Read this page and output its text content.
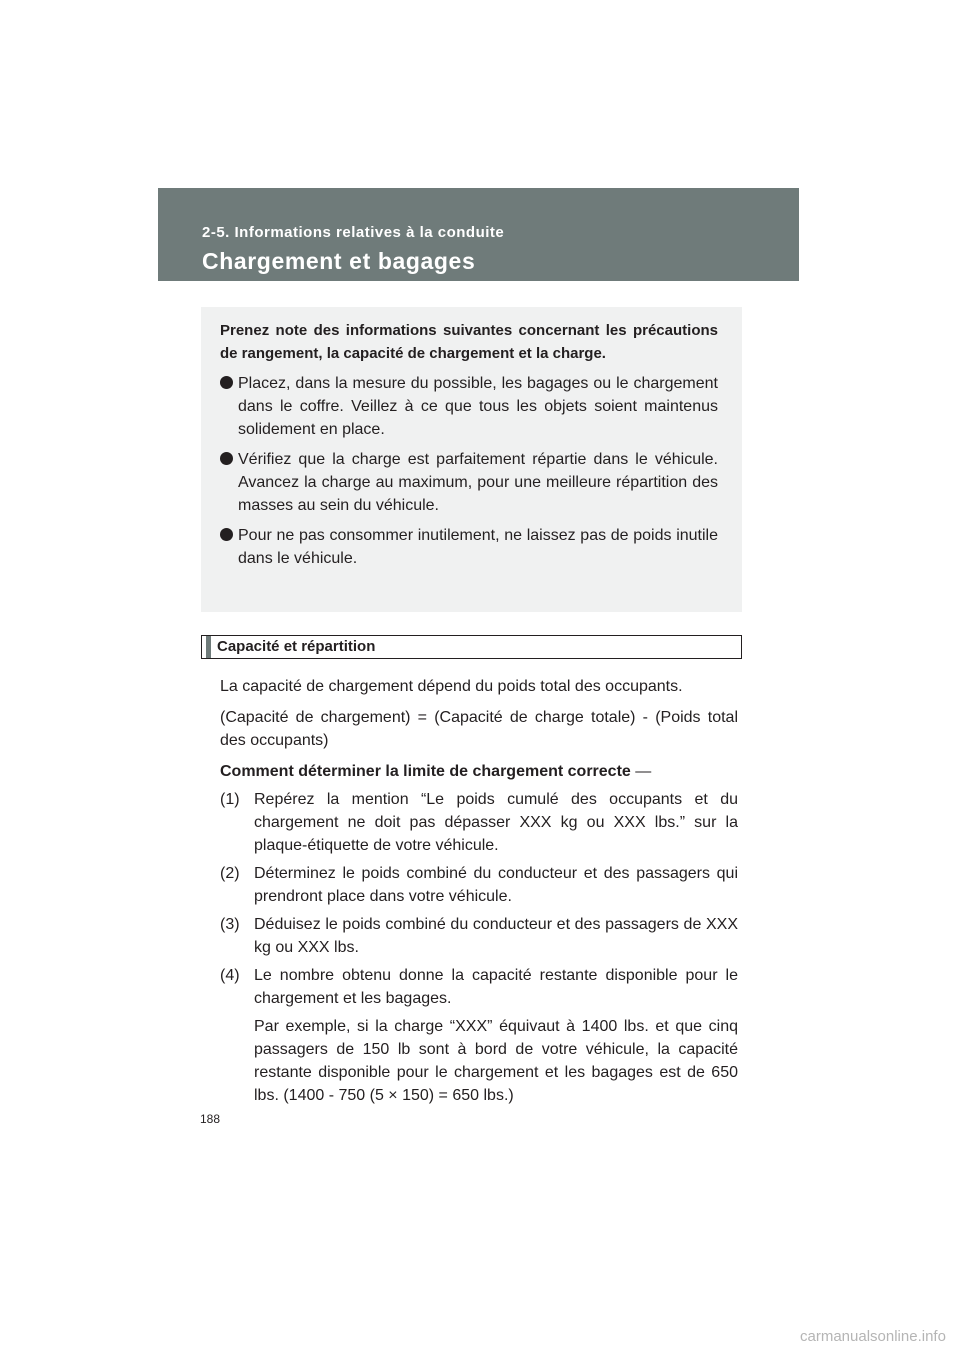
2-5. Informations relatives à la conduite
Chargement et bagages

Prenez note des informations suivantes concernant les précautions de rangement, la capacité de chargement et la charge.

Placez, dans la mesure du possible, les bagages ou le chargement dans le coffre. Veillez à ce que tous les objets soient maintenus solidement en place.
Vérifiez que la charge est parfaitement répartie dans le véhicule. Avancez la charge au maximum, pour une meilleure répartition des masses au sein du véhicule.
Pour ne pas consommer inutilement, ne laissez pas de poids inutile dans le véhicule.
Capacité et répartition

La capacité de chargement dépend du poids total des occupants.

(Capacité de chargement) = (Capacité de charge totale) - (Poids total des occupants)

Comment déterminer la limite de chargement correcte —

(1) Repérez la mention “Le poids cumulé des occupants et du chargement ne doit pas dépasser XXX kg ou XXX lbs.” sur la plaque-étiquette de votre véhicule.
(2) Déterminez le poids combiné du conducteur et des passagers qui prendront place dans votre véhicule.
(3) Déduisez le poids combiné du conducteur et des passagers de XXX kg ou XXX lbs.
(4) Le nombre obtenu donne la capacité restante disponible pour le chargement et les bagages.
Par exemple, si la charge “XXX” équivaut à 1400 lbs. et que cinq passagers de 150 lb sont à bord de votre véhicule, la capacité restante disponible pour le chargement et les bagages est de 650 lbs. (1400 - 750 (5 × 150) = 650 lbs.)
188
carmanualsonline.info
